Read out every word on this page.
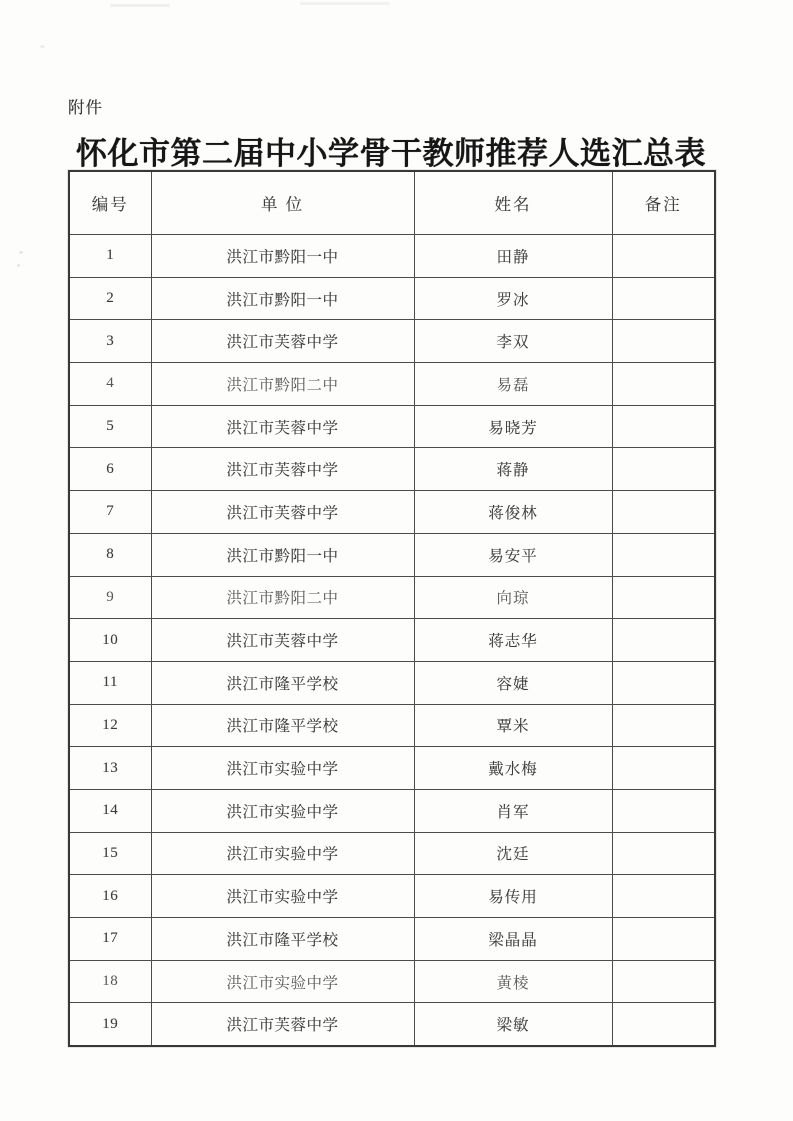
附件
怀化市第二届中小学骨干教师推荐人选汇总表
编号	单 位	姓名	备注
1	洪江市黔阳一中	田静	
2	洪江市黔阳一中	罗冰	
3	洪江市芙蓉中学	李双	
4	洪江市黔阳二中	易磊	
5	洪江市芙蓉中学	易晓芳	
6	洪江市芙蓉中学	蒋静	
7	洪江市芙蓉中学	蒋俊林	
8	洪江市黔阳一中	易安平	
9	洪江市黔阳二中	向琼	
10	洪江市芙蓉中学	蒋志华	
11	洪江市隆平学校	容婕	
12	洪江市隆平学校	覃米	
13	洪江市实验中学	戴水梅	
14	洪江市实验中学	肖军	
15	洪江市实验中学	沈廷	
16	洪江市实验中学	易传用	
17	洪江市隆平学校	梁晶晶	
18	洪江市实验中学	黄棱	
19	洪江市芙蓉中学	梁敏	
